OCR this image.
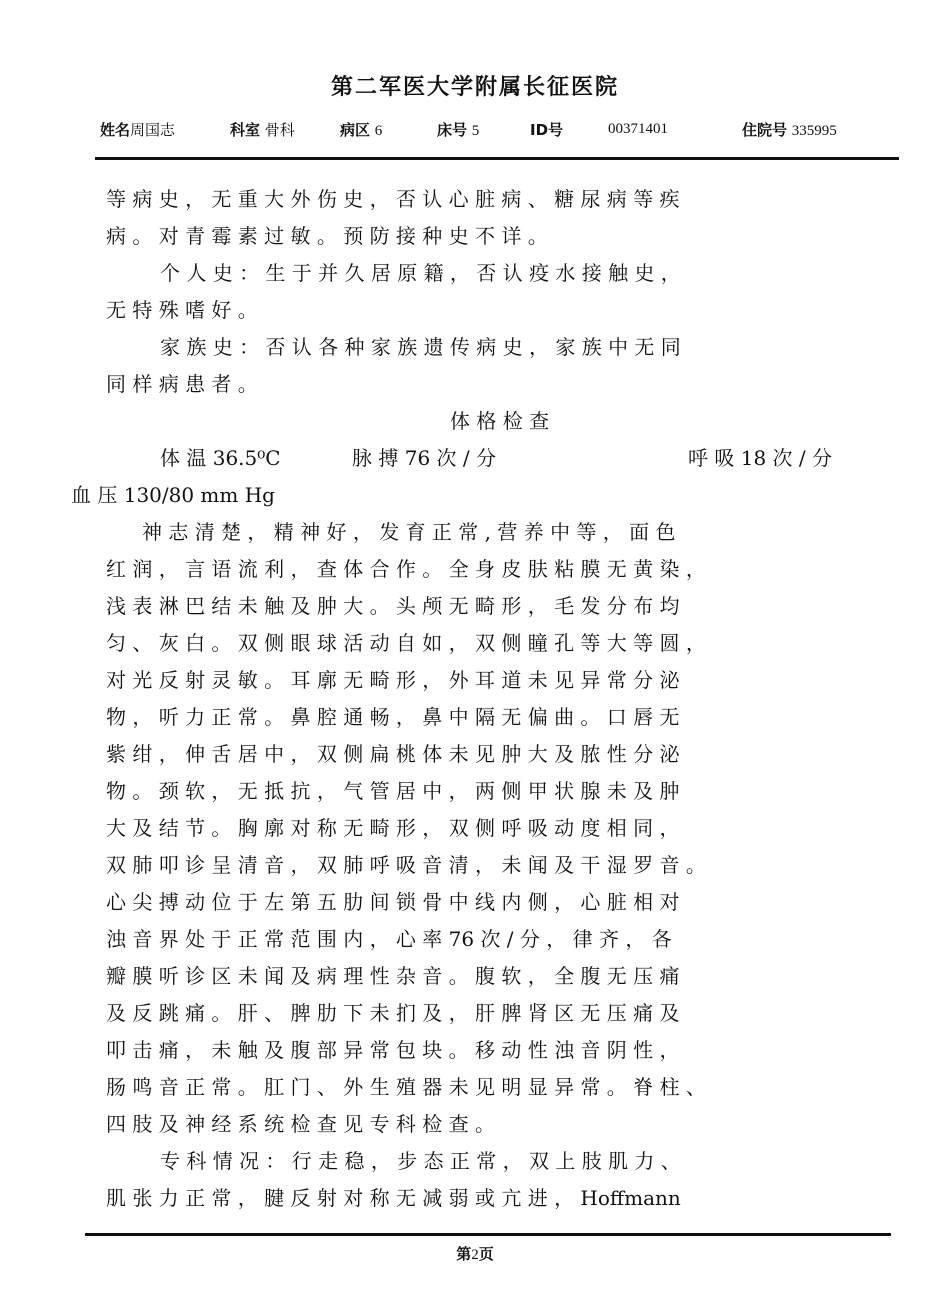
第二军医大学附属长征医院
姓名周国志	科室 骨科	病区 6	床号 5	ID号	00371401	住院号 335995
等 病 史 ， 无 重 大 外 伤 史 ， 否 认 心 脏 病 、 糖 尿 病 等 疾
病 。 对 青 霉 素 过 敏 。 预 防 接 种 史 不 详 。
个 人 史 ： 生 于 并 久 居 原 籍 ， 否 认 疫 水 接 触 史 ，
无 特 殊 嗜 好 。
家 族 史 ： 否 认 各 种 家 族 遗 传 病 史 ， 家 族 中 无 同
同 样 病 患 者 。
体 格 检 查
体 温 36.5⁰C	脉 搏 76 次 / 分	呼 吸 18 次 / 分
血 压 130/80 mm Hg
神 志 清 楚 ， 精 神 好 ， 发 育 正 常 , 营 养 中 等 ， 面 色
红 润 ， 言 语 流 利 ， 查 体 合 作 。 全 身 皮 肤 粘 膜 无 黄 染 ，
浅 表 淋 巴 结 未 触 及 肿 大 。 头 颅 无 畸 形 ， 毛 发 分 布 均
匀 、 灰 白 。 双 侧 眼 球 活 动 自 如 ， 双 侧 瞳 孔 等 大 等 圆 ，
对 光 反 射 灵 敏 。 耳 廓 无 畸 形 ， 外 耳 道 未 见 异 常 分 泌
物 ， 听 力 正 常 。 鼻 腔 通 畅 ， 鼻 中 隔 无 偏 曲 。 口 唇 无
紫 绀 ， 伸 舌 居 中 ， 双 侧 扁 桃 体 未 见 肿 大 及 脓 性 分 泌
物 。 颈 软 ， 无 抵 抗 ， 气 管 居 中 ， 两 侧 甲 状 腺 未 及 肿
大 及 结 节 。 胸 廓 对 称 无 畸 形 ， 双 侧 呼 吸 动 度 相 同 ，
双 肺 叩 诊 呈 清 音 ， 双 肺 呼 吸 音 清 ， 未 闻 及 干 湿 罗 音 。
心 尖 搏 动 位 于 左 第 五 肋 间 锁 骨 中 线 内 侧 ， 心 脏 相 对
浊 音 界 处 于 正 常 范 围 内 ， 心 率 76 次 / 分 ， 律 齐 ， 各
瓣 膜 听 诊 区 未 闻 及 病 理 性 杂 音 。 腹 软 ， 全 腹 无 压 痛
及 反 跳 痛 。 肝 、 脾 肋 下 未 扪 及 ， 肝 脾 肾 区 无 压 痛 及
叩 击 痛 ， 未 触 及 腹 部 异 常 包 块 。 移 动 性 浊 音 阴 性 ，
肠 鸣 音 正 常 。 肛 门 、 外 生 殖 器 未 见 明 显 异 常 。 脊 柱 、
四 肢 及 神 经 系 统 检 查 见 专 科 检 查 。
专 科 情 况 ： 行 走 稳 ， 步 态 正 常 ， 双 上 肢 肌 力 、
肌 张 力 正 常 ， 腱 反 射 对 称 无 减 弱 或 亢 进 ， Hoffmann
第2页
